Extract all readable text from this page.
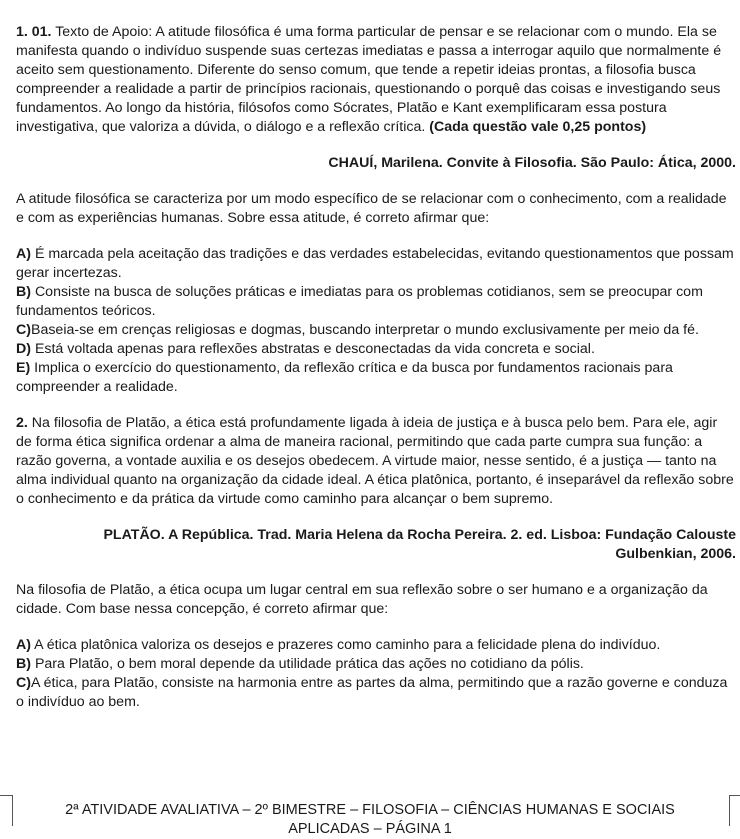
1. 01. Texto de Apoio: A atitude filosófica é uma forma particular de pensar e se relacionar com o mundo. Ela se manifesta quando o indivíduo suspende suas certezas imediatas e passa a interrogar aquilo que normalmente é aceito sem questionamento. Diferente do senso comum, que tende a repetir ideias prontas, a filosofia busca compreender a realidade a partir de princípios racionais, questionando o porquê das coisas e investigando seus fundamentos. Ao longo da história, filósofos como Sócrates, Platão e Kant exemplificaram essa postura investigativa, que valoriza a dúvida, o diálogo e a reflexão crítica. (Cada questão vale 0,25 pontos)

CHAUÍ, Marilena. Convite à Filosofia. São Paulo: Ática, 2000.

A atitude filosófica se caracteriza por um modo específico de se relacionar com o conhecimento, com a realidade e com as experiências humanas. Sobre essa atitude, é correto afirmar que:

A) É marcada pela aceitação das tradições e das verdades estabelecidas, evitando questionamentos que possam gerar incertezas.

B) Consiste na busca de soluções práticas e imediatas para os problemas cotidianos, sem se preocupar com fundamentos teóricos.

C)Baseia-se em crenças religiosas e dogmas, buscando interpretar o mundo exclusivamente per meio da fé.

D) Está voltada apenas para reflexões abstratas e desconectadas da vida concreta e social.

E) Implica o exercício do questionamento, da reflexão crítica e da busca por fundamentos racionais para compreender a realidade.

2. Na filosofia de Platão, a ética está profundamente ligada à ideia de justiça e à busca pelo bem. Para ele, agir de forma ética significa ordenar a alma de maneira racional, permitindo que cada parte cumpra sua função: a razão governa, a vontade auxilia e os desejos obedecem. A virtude maior, nesse sentido, é a justiça — tanto na alma individual quanto na organização da cidade ideal. A ética platônica, portanto, é inseparável da reflexão sobre o conhecimento e da prática da virtude como caminho para alcançar o bem supremo.

PLATÃO. A República. Trad. Maria Helena da Rocha Pereira. 2. ed. Lisboa: Fundação Calouste
Gulbenkian, 2006.

Na filosofia de Platão, a ética ocupa um lugar central em sua reflexão sobre o ser humano e a organização da cidade. Com base nessa concepção, é correto afirmar que:

A) A ética platônica valoriza os desejos e prazeres como caminho para a felicidade plena do indivíduo.

B) Para Platão, o bem moral depende da utilidade prática das ações no cotidiano da pólis.

C)A ética, para Platão, consiste na harmonia entre as partes da alma, permitindo que a razão governe e conduza o indivíduo ao bem.

2ª ATIVIDADE AVALIATIVA – 2º BIMESTRE – FILOSOFIA – CIÊNCIAS HUMANAS E SOCIAIS
APLICADAS – PÁGINA 1
